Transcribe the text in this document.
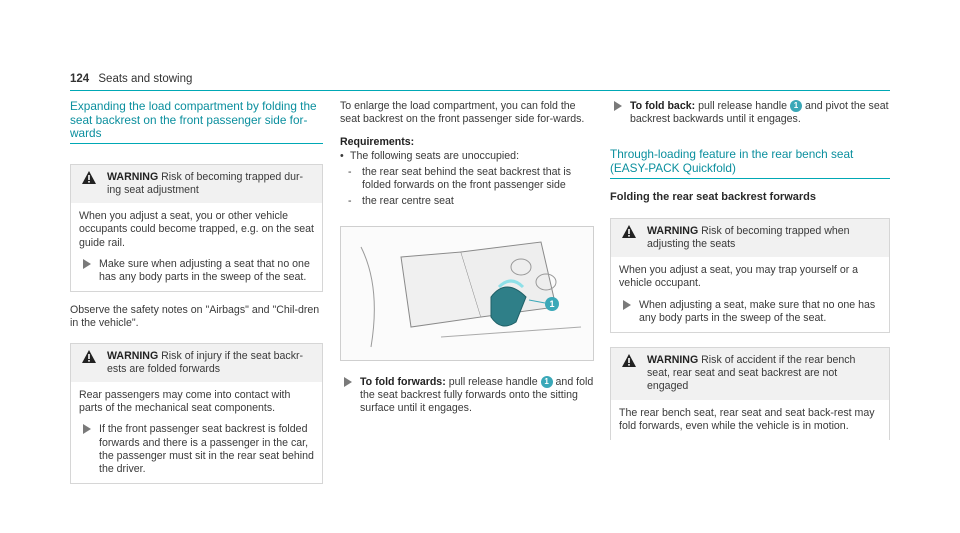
124 Seats and stowing
Expanding the load compartment by folding the seat backrest on the front passenger side for-wards
WARNING Risk of becoming trapped dur-ing seat adjustment
When you adjust a seat, you or other vehicle occupants could become trapped, e.g. on the seat guide rail.
Make sure when adjusting a seat that no one has any body parts in the sweep of the seat.
Observe the safety notes on "Airbags" and "Chil-dren in the vehicle".
WARNING Risk of injury if the seat backr-ests are folded forwards
Rear passengers may come into contact with parts of the mechanical seat components.
If the front passenger seat backrest is folded forwards and there is a passenger in the car, the passenger must sit in the rear seat behind the driver.
To enlarge the load compartment, you can fold the seat backrest on the front passenger side for-wards.
Requirements:
• The following seats are unoccupied:
- the rear seat behind the seat backrest that is folded forwards on the front passenger side
- the rear centre seat
1
To fold forwards: pull release handle 1 and fold the seat backrest fully forwards onto the sitting surface until it engages.
To fold back: pull release handle 1 and pivot the seat backrest backwards until it engages.
Through-loading feature in the rear bench seat (EASY-PACK Quickfold)
Folding the rear seat backrest forwards
WARNING Risk of becoming trapped when adjusting the seats
When you adjust a seat, you may trap yourself or a vehicle occupant.
When adjusting a seat, make sure that no one has any body parts in the sweep of the seat.
WARNING Risk of accident if the rear bench seat, rear seat and seat backrest are not engaged
The rear bench seat, rear seat and seat back-rest may fold forwards, even while the vehicle is in motion.
